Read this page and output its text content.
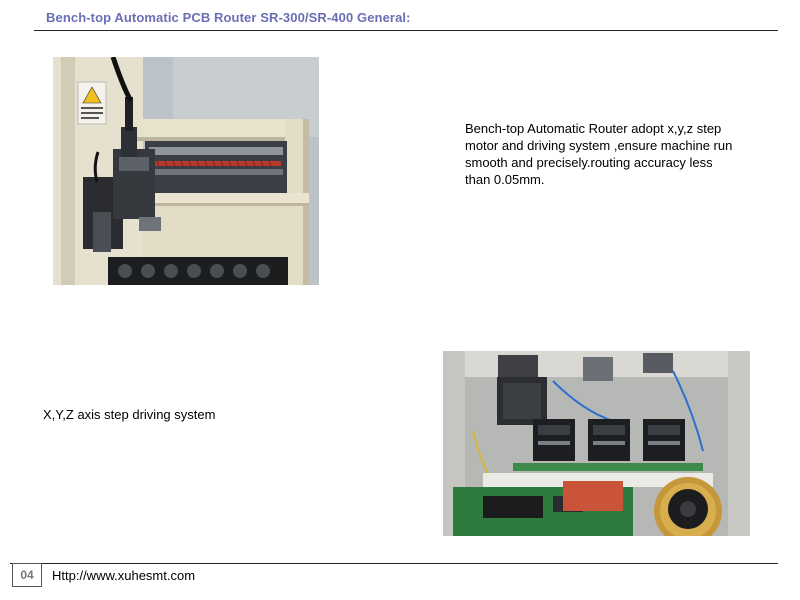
Bench-top Automatic PCB Router SR-300/SR-400 General:
Bench-top Automatic Router adopt x,y,z step motor and driving system ,ensure machine run smooth and precisely.routing accuracy less than 0.05mm.
X,Y,Z axis step driving system
04	Http://www.xuhesmt.com
